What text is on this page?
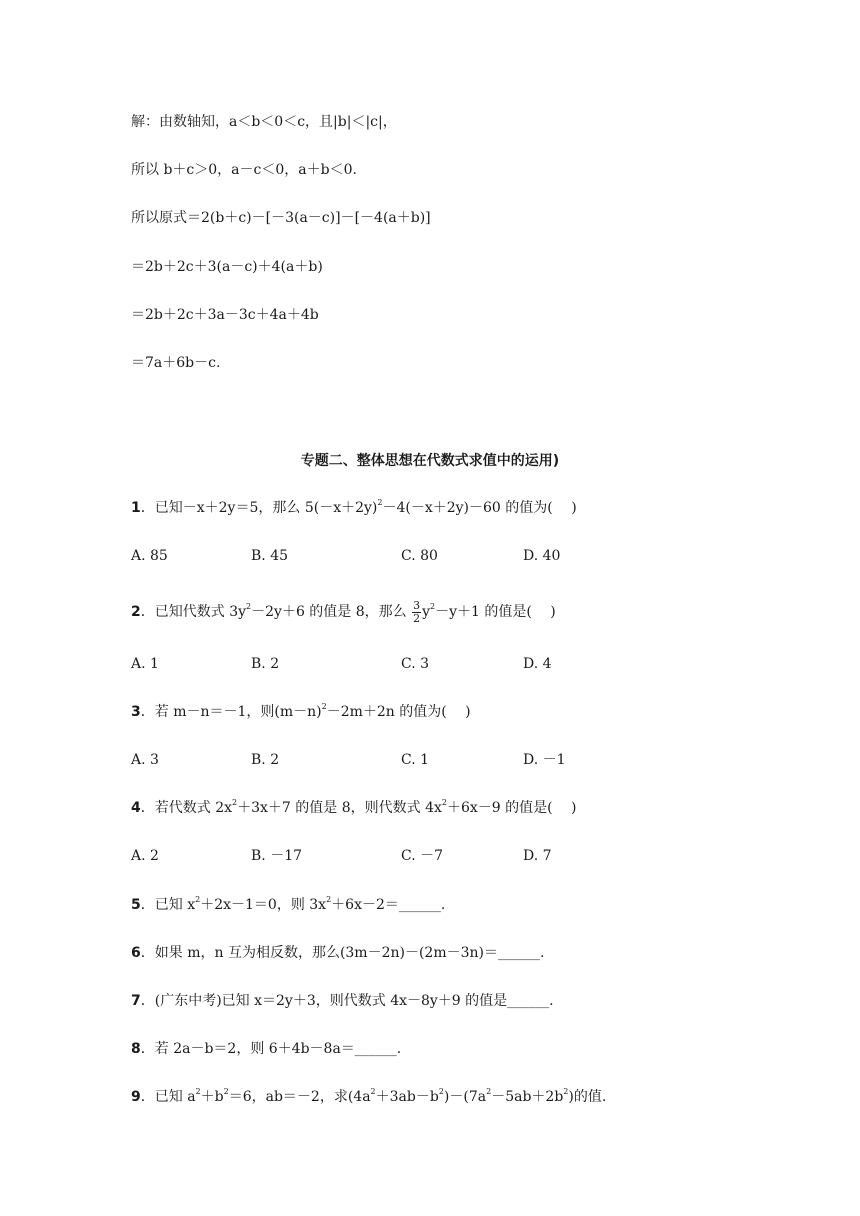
解：由数轴知，a＜b＜0＜c，且|b|＜|c|，
所以 b＋c＞0，a－c＜0，a＋b＜0.
所以原式＝2(b＋c)－[－3(a－c)]－[－4(a＋b)]
＝2b＋2c＋3(a－c)＋4(a＋b)
＝2b＋2c＋3a－3c＋4a＋4b
＝7a＋6b－c.
专题二、整体思想在代数式求值中的运用)
1．已知－x＋2y＝5，那么 $5(-x+2y)^2-4(-x+2y)-60$ 的值为(　 )
A. 85	B. 45	C. 80	D. 40
2．已知代数式 $3y^2-2y+6$ 的值是 8，那么 $\frac{3}{2} y^2-y+1$ 的值是(　 )
A. 1	B. 2	C. 3	D. 4
3．若 m－n＝－1，则$(m-n)^2-2m+2n$ 的值为(　 )
A. 3	B. 2	C. 1	D. －1
4．若代数式 $2x^2+3x+7$ 的值是 8，则代数式 $4x^2+6x-9$ 的值是(　 )
A. 2	B. －17	C. －7	D. 7
5．已知 $x^2+2x-1=0$，则 $3x^2+6x-2=\_\_\_\_\_\_$.
6．如果 m，n 互为相反数，那么(3m－2n)－(2m－3n)＝______.
7．(广东中考)已知 x＝2y＋3，则代数式 4x－8y＋9 的值是______.
8．若 2a－b＝2，则 6＋4b－8a＝______.
9．已知 $a^2+b^2=6$，ab＝－2，求$(4a^2+3ab-b^2)-(7a^2-5ab+2b^2)$的值.
